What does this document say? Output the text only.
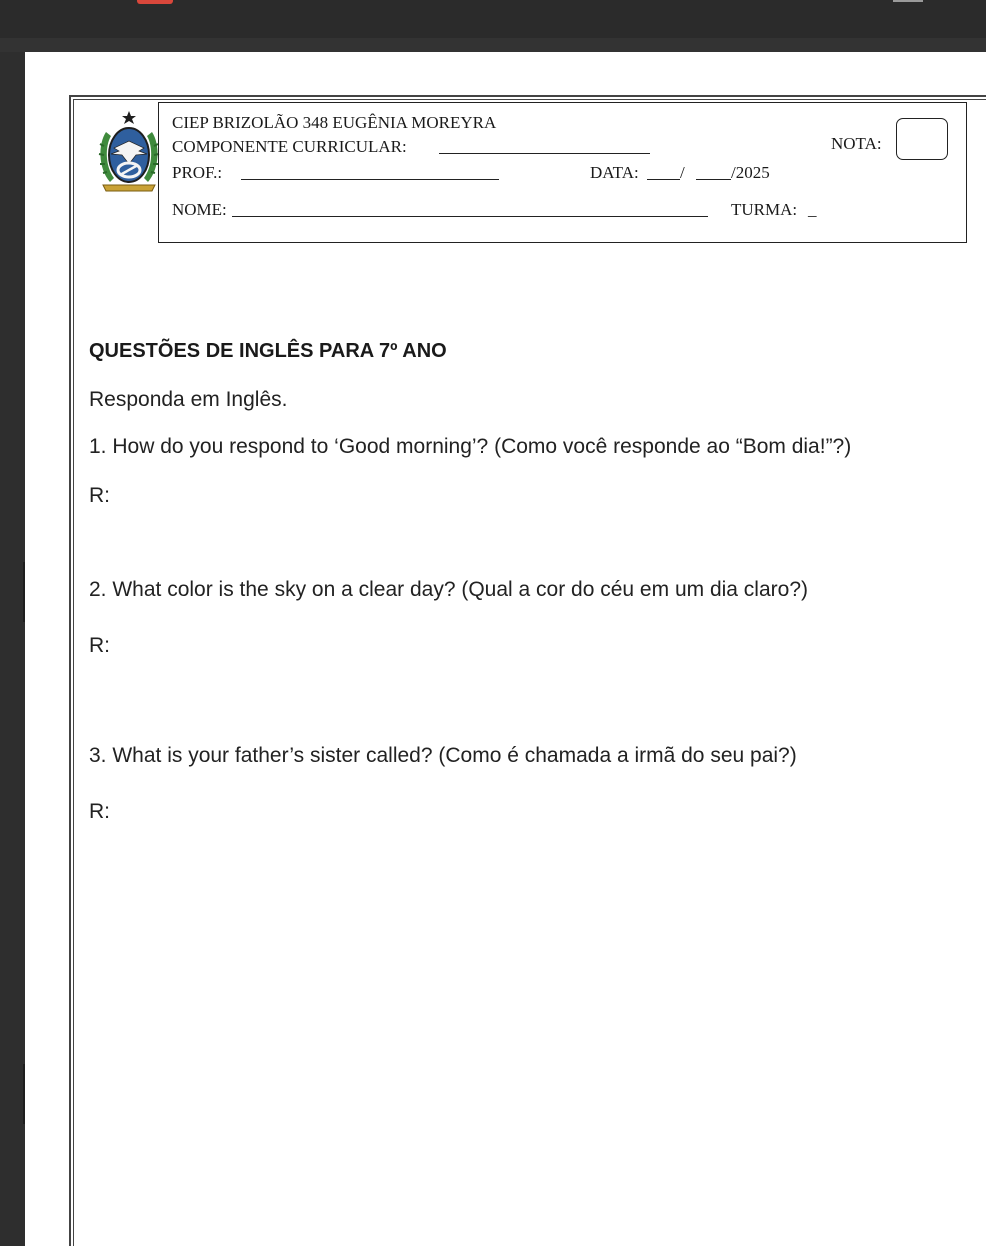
CIEP BRIZOLÃO 348 EUGÊNIA MOREYRA
COMPONENTE CURRICULAR:	NOTA:
PROF.:	DATA: /	/2025
NOME:	TURMA: _
QUESTÕES DE INGLÊS PARA 7º ANO
Responda em Inglês.
1. How do you respond to ‘Good morning’? (Como você responde ao “Bom dia!”?)
R:
2. What color is the sky on a clear day? (Qual a cor do céu em um dia claro?)
R:
3. What is your father’s sister called? (Como é chamada a irmã do seu pai?)
R:
